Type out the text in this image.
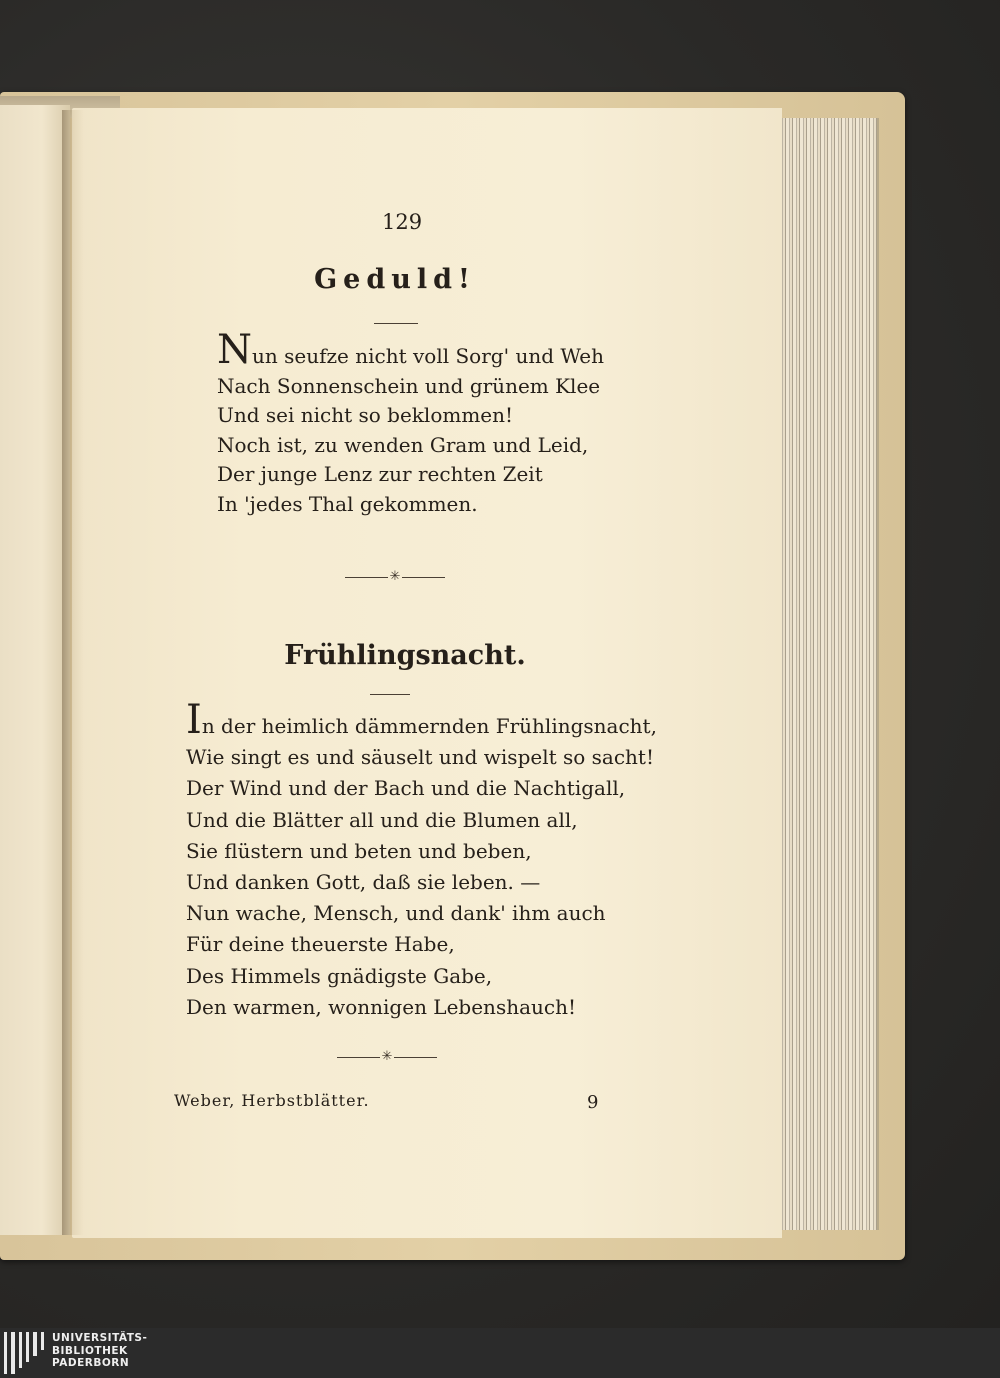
129
Geduld!
Nun seufze nicht voll Sorg' und Weh
Nach Sonnenschein und grünem Klee
Und sei nicht so beklommen!
Noch ist, zu wenden Gram und Leid,
Der junge Lenz zur rechten Zeit
In 'jedes Thal gekommen.
✳
Frühlingsnacht.
In der heimlich dämmernden Frühlingsnacht,
Wie singt es und säuselt und wispelt so sacht!
Der Wind und der Bach und die Nachtigall,
Und die Blätter all und die Blumen all,
Sie flüstern und beten und beben,
Und danken Gott, daß sie leben. —
Nun wache, Mensch, und dank' ihm auch
Für deine theuerste Habe,
Des Himmels gnädigste Gabe,
Den warmen, wonnigen Lebenshauch!
✳
Weber, Herbstblätter.	9
UNIVERSITÄTS-
BIBLIOTHEK
PADERBORN
